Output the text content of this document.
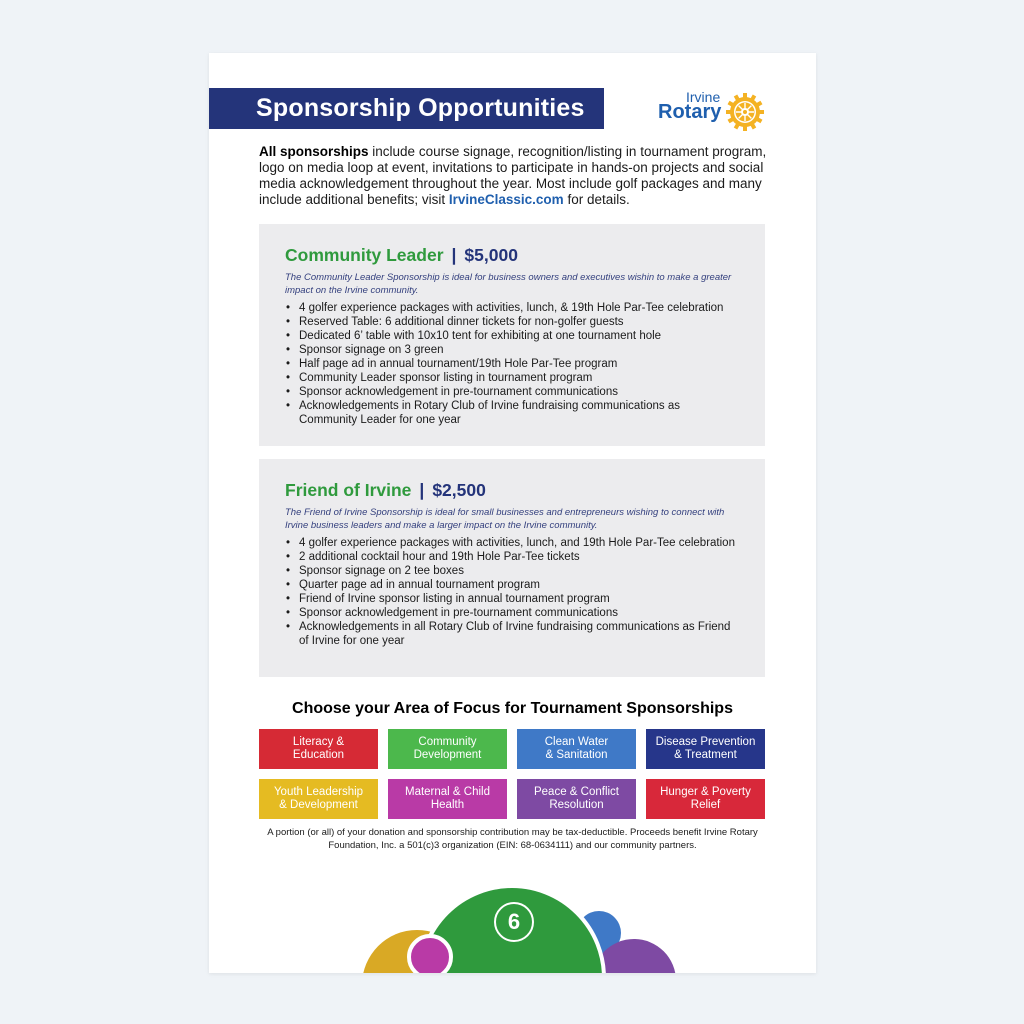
Sponsorship Opportunities	Irvine
Rotary

All sponsorships include course signage, recognition/listing in tournament program, logo on media loop at event, invitations to participate in hands-on projects and social media acknowledgement throughout the year. Most include golf packages and many include additional benefits; visit IrvineClassic.com for details.

Community Leader | $5,000

The Community Leader Sponsorship is ideal for business owners and executives wishin to make a greater impact on the Irvine community.

• 4 golfer experience packages with activities, lunch, & 19th Hole Par-Tee celebration
• Reserved Table: 6 additional dinner tickets for non-golfer guests
• Dedicated 6’ table with 10x10 tent for exhibiting at one tournament hole
• Sponsor signage on 3 green
• Half page ad in annual tournament/19th Hole Par-Tee program
• Community Leader sponsor listing in tournament program
• Sponsor acknowledgement in pre-tournament communications
• Acknowledgements in Rotary Club of Irvine fundraising communications as Community Leader for one year
Friend of Irvine | $2,500

The Friend of Irvine Sponsorship is ideal for small businesses and entrepreneurs wishing to connect with Irvine business leaders and make a larger impact on the Irvine community.

• 4 golfer experience packages with activities, lunch, and 19th Hole Par-Tee celebration
• 2 additional cocktail hour and 19th Hole Par-Tee tickets
• Sponsor signage on 2 tee boxes
• Quarter page ad in annual tournament program
• Friend of Irvine sponsor listing in annual tournament program
• Sponsor acknowledgement in pre-tournament communications
• Acknowledgements in all Rotary Club of Irvine fundraising communications as Friend of Irvine for one year
Choose your Area of Focus for Tournament Sponsorships
Literacy &
Education
Community
Development
Clean Water
& Sanitation
Disease Prevention
& Treatment
Youth Leadership
& Development
Maternal & Child
Health
Peace & Conflict
Resolution
Hunger & Poverty
Relief

A portion (or all) of your donation and sponsorship contribution may be tax-deductible. Proceeds benefit Irvine Rotary Foundation, Inc. a 501(c)3 organization (EIN: 68-0634111) and our community partners.

6
